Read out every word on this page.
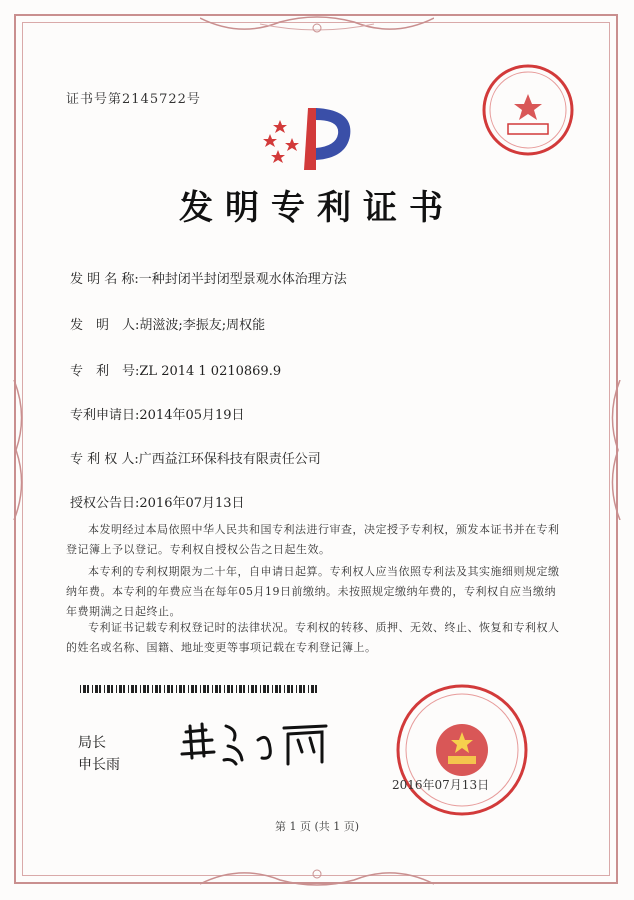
证书号第2145722号
发明专利证书
发 明 名 称:一种封闭半封闭型景观水体治理方法
发　明　人:胡滋波;李振友;周权能
专　利　号:ZL 2014 1 0210869.9
专利申请日:2014年05月19日
专 利 权 人:广西益江环保科技有限责任公司
授权公告日:2016年07月13日
本发明经过本局依照中华人民共和国专利法进行审查，决定授予专利权，颁发本证书并在专利登记簿上予以登记。专利权自授权公告之日起生效。
本专利的专利权期限为二十年，自申请日起算。专利权人应当依照专利法及其实施细则规定缴纳年费。本专利的年费应当在每年05月19日前缴纳。未按照规定缴纳年费的，专利权自应当缴纳年费期满之日起终止。
专利证书记载专利权登记时的法律状况。专利权的转移、质押、无效、终止、恢复和专利权人的姓名或名称、国籍、地址变更等事项记载在专利登记簿上。
局长
申长雨
2016年07月13日
第 1 页 (共 1 页)
